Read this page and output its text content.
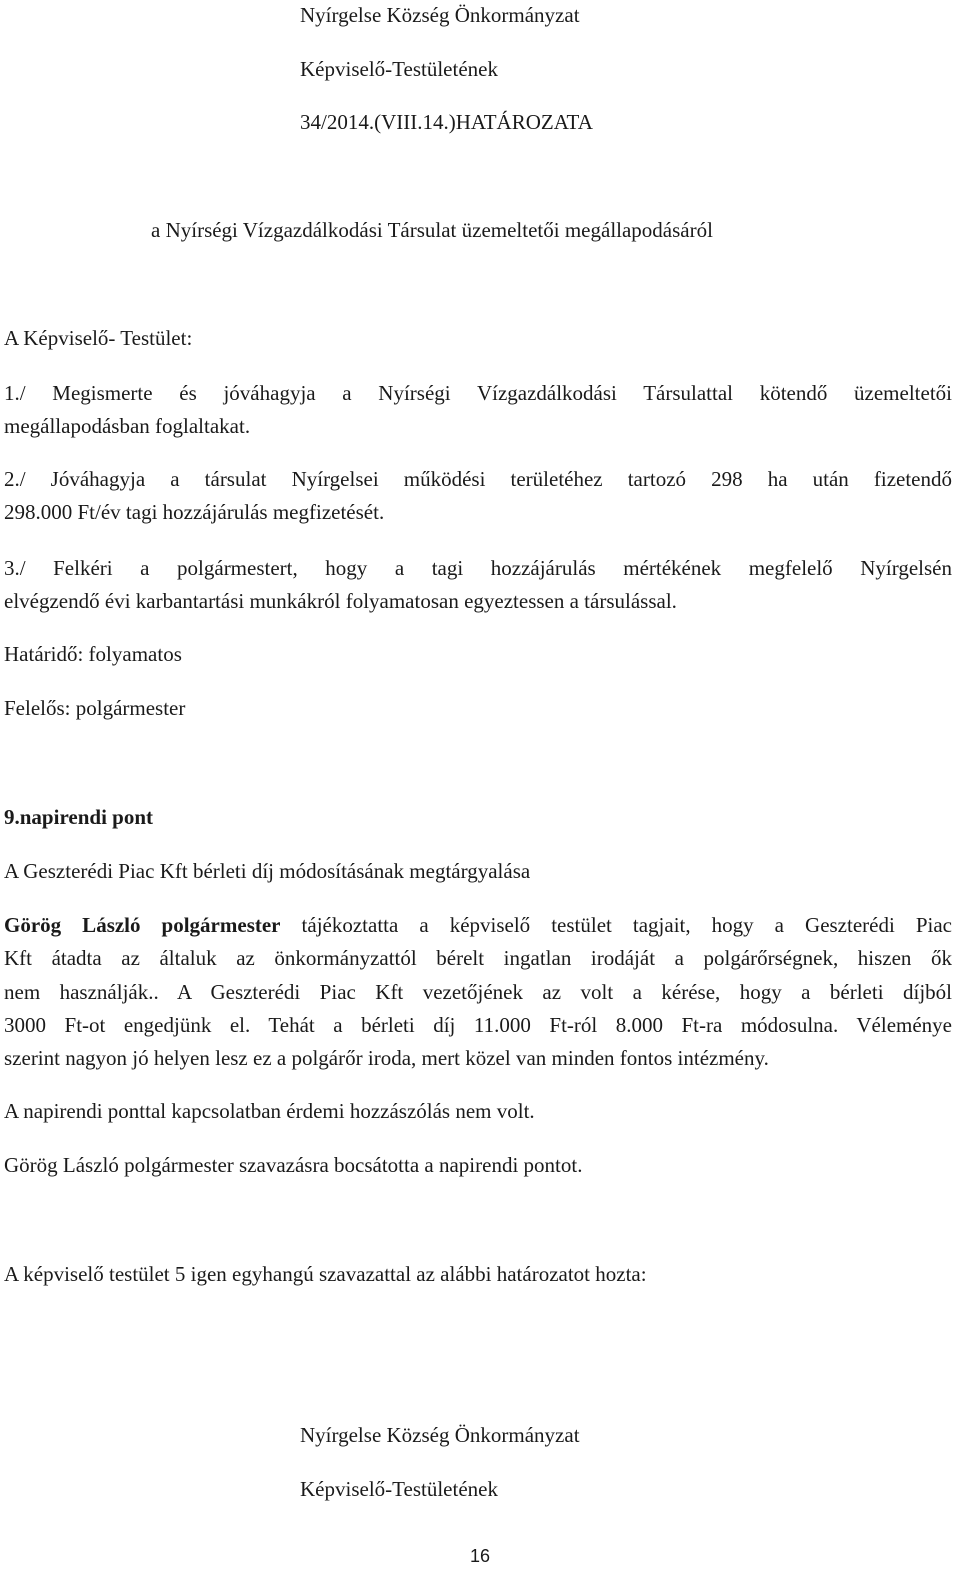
Nyírgelse Község Önkormányzat
Képviselő-Testületének
34/2014.(VIII.14.)HATÁROZATA
a Nyírségi Vízgazdálkodási Társulat üzemeltetői megállapodásáról
A Képviselő- Testület:
1./ Megismerte és jóváhagyja a Nyírségi Vízgazdálkodási Társulattal kötendő üzemeltetői
megállapodásban foglaltakat.
2./ Jóváhagyja a társulat Nyírgelsei működési területéhez tartozó 298 ha után fizetendő
298.000 Ft/év tagi hozzájárulás megfizetését.
3./ Felkéri a polgármestert, hogy a tagi hozzájárulás mértékének megfelelő Nyírgelsén
elvégzendő évi karbantartási munkákról folyamatosan egyeztessen a társulással.
Határidő: folyamatos
Felelős: polgármester
9.napirendi pont
A Geszterédi Piac Kft bérleti díj módosításának megtárgyalása
Görög László polgármester tájékoztatta a képviselő testület tagjait, hogy a Geszterédi Piac
Kft átadta az általuk az önkormányzattól bérelt ingatlan irodáját a polgárőrségnek, hiszen ők
nem használják.. A Geszterédi Piac Kft vezetőjének az volt a kérése, hogy a bérleti díjból
3000 Ft-ot engedjünk el. Tehát a bérleti díj 11.000 Ft-ról 8.000 Ft-ra módosulna. Véleménye
szerint nagyon jó helyen lesz ez a polgárőr iroda, mert közel van minden fontos intézmény.
A napirendi ponttal kapcsolatban érdemi hozzászólás nem volt.
Görög László polgármester szavazásra bocsátotta a napirendi pontot.
A képviselő testület 5 igen egyhangú szavazattal az alábbi határozatot hozta:
Nyírgelse Község Önkormányzat
Képviselő-Testületének
16
